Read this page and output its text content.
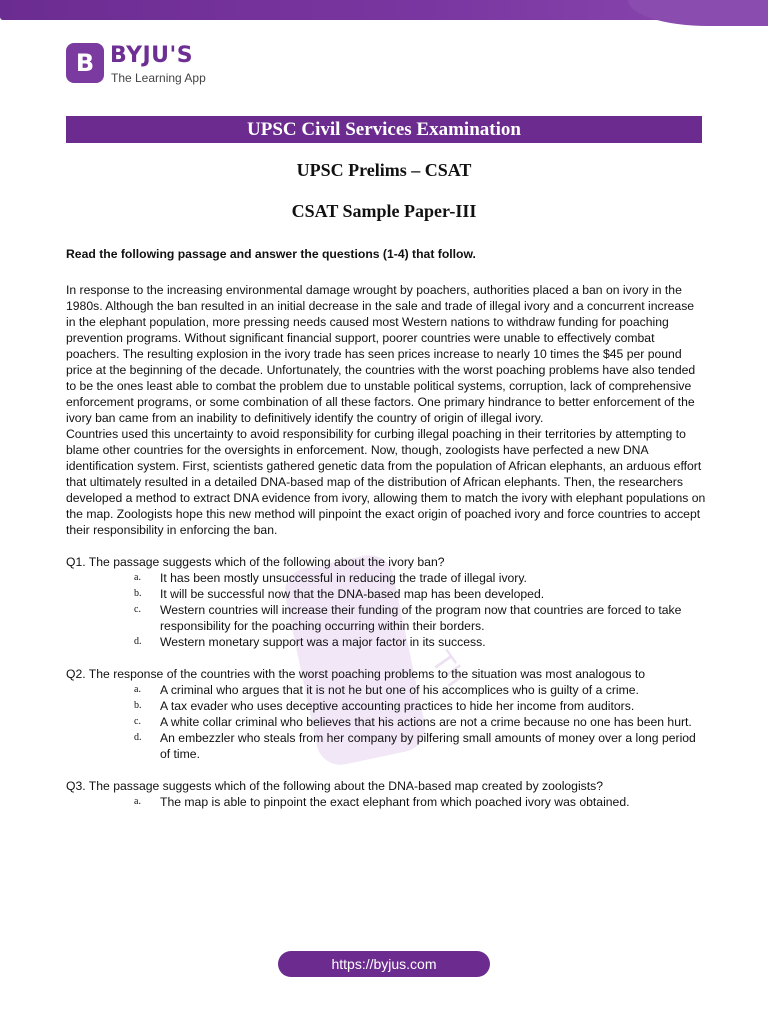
B BYJU'S
The Learning App
UPSC Civil Services Examination
UPSC Prelims – CSAT
CSAT Sample Paper-III
Th

Read the following passage and answer the questions (1-4) that follow.

In response to the increasing environmental damage wrought by poachers, authorities placed a ban on ivory in the 1980s. Although the ban resulted in an initial decrease in the sale and trade of illegal ivory and a concurrent increase in the elephant population, more pressing needs caused most Western nations to withdraw funding for poaching prevention programs. Without significant financial support, poorer countries were unable to effectively combat poachers. The resulting explosion in the ivory trade has seen prices increase to nearly 10 times the $45 per pound price at the beginning of the decade. Unfortunately, the countries with the worst poaching problems have also tended to be the ones least able to combat the problem due to unstable political systems, corruption, lack of comprehensive enforcement programs, or some combination of all these factors. One primary hindrance to better enforcement of the ivory ban came from an inability to definitively identify the country of origin of illegal ivory.

Countries used this uncertainty to avoid responsibility for curbing illegal poaching in their territories by attempting to blame other countries for the oversights in enforcement. Now, though, zoologists have perfected a new DNA identification system. First, scientists gathered genetic data from the population of African elephants, an arduous effort that ultimately resulted in a detailed DNA-based map of the distribution of African elephants. Then, the researchers developed a method to extract DNA evidence from ivory, allowing them to match the ivory with elephant populations on the map. Zoologists hope this new method will pinpoint the exact origin of poached ivory and force countries to accept their responsibility in enforcing the ban.

Q1. The passage suggests which of the following about the ivory ban?

a.	It has been mostly unsuccessful in reducing the trade of illegal ivory.
b.	It will be successful now that the DNA-based map has been developed.
c.	Western countries will increase their funding of the program now that countries are forced to take responsibility for the poaching occurring within their borders.
d.	Western monetary support was a major factor in its success.

Q2. The response of the countries with the worst poaching problems to the situation was most analogous to

a.	A criminal who argues that it is not he but one of his accomplices who is guilty of a crime.
b.	A tax evader who uses deceptive accounting practices to hide her income from auditors.
c.	A white collar criminal who believes that his actions are not a crime because no one has been hurt.
d.	An embezzler who steals from her company by pilfering small amounts of money over a long period of time.

Q3. The passage suggests which of the following about the DNA-based map created by zoologists?

a.	The map is able to pinpoint the exact elephant from which poached ivory was obtained.
https://byjus.com
